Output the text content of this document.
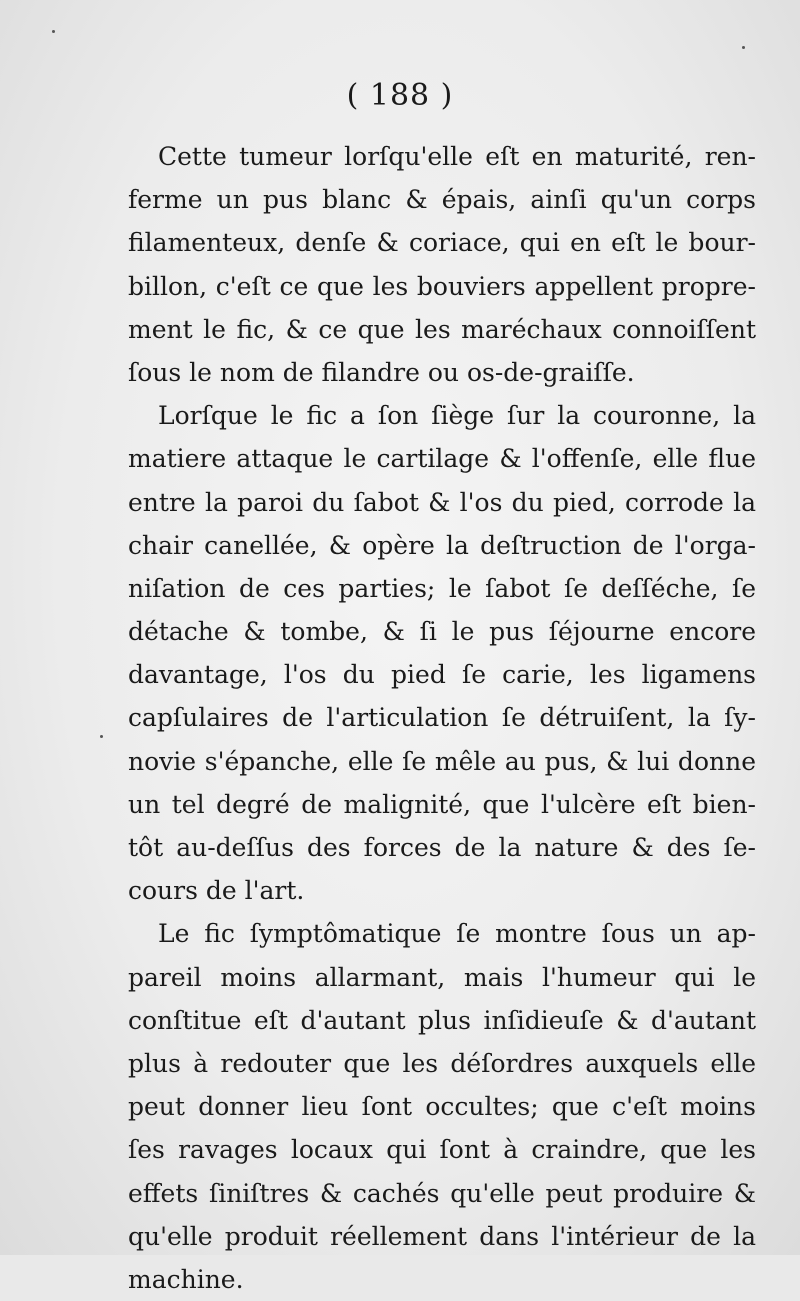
( 188 )
Cette tumeur lorſqu'elle eſt en maturité, ren-
ferme un pus blanc & épais, ainſi qu'un corps
filamenteux, denſe & coriace, qui en eſt le bour-
billon, c'eſt ce que les bouviers appellent propre-
ment le fic, & ce que les maréchaux connoiſſent
ſous le nom de filandre ou os-de-graiſſe.
Lorſque le fic a ſon ſiège ſur la couronne, la
matiere attaque le cartilage & l'offenſe, elle flue
entre la paroi du ſabot & l'os du pied, corrode la
chair canellée, & opère la deſtruction de l'orga-
niſation de ces parties; le ſabot ſe deſſéche, ſe
détache & tombe, & ſi le pus ſéjourne encore
davantage, l'os du pied ſe carie, les ligamens
capſulaires de l'articulation ſe détruiſent, la ſy-
novie s'épanche, elle ſe mêle au pus, & lui donne
un tel degré de malignité, que l'ulcère eſt bien-
tôt au-deſſus des forces de la nature & des ſe-
cours de l'art.
Le fic ſymptômatique ſe montre ſous un ap-
pareil moins allarmant, mais l'humeur qui le
conſtitue eſt d'autant plus inſidieuſe & d'autant
plus à redouter que les déſordres auxquels elle
peut donner lieu ſont occultes; que c'eſt moins
ſes ravages locaux qui ſont à craindre, que les
effets ſiniſtres & cachés qu'elle peut produire &
qu'elle produit réellement dans l'intérieur de la
machine.
